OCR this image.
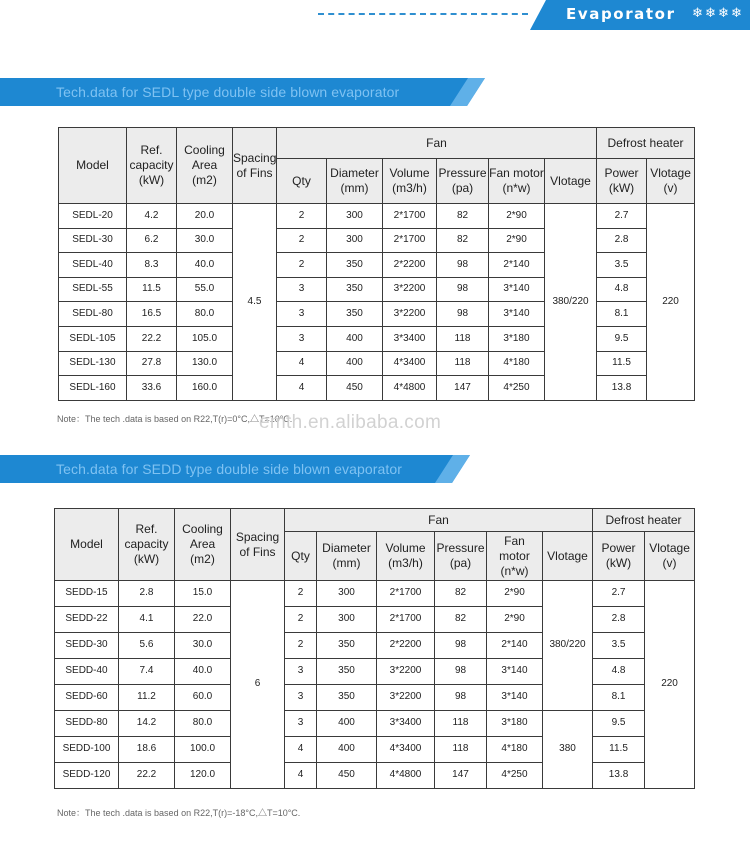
Evaporator ❄ ❄ ❄ ❄
Tech.data for SEDL type double side blown evaporator
Model	Ref.
capacity
(kW)	Cooling
Area
(m2)	Spacing
of Fins	Fan						Defrost heater	
				Qty	Diameter
(mm)	Volume
(m3/h)	Pressure
(pa)	Fan motor
(n*w)	Vlotage	Power
(kW)	Vlotage
(v)
SEDL-20	4.2	20.0	4.5	2	300	2*1700	82	2*90	380/220	2.7	220
SEDL-30	6.2	30.0		2	300	2*1700	82	2*90		2.8	
SEDL-40	8.3	40.0		2	350	2*2200	98	2*140		3.5	
SEDL-55	11.5	55.0		3	350	3*2200	98	3*140		4.8	
SEDL-80	16.5	80.0		3	350	3*2200	98	3*140		8.1	
SEDL-105	22.2	105.0		3	400	3*3400	118	3*180		9.5	
SEDL-130	27.8	130.0		4	400	4*3400	118	4*180		11.5	
SEDL-160	33.6	160.0		4	450	4*4800	147	4*250		13.8	
Note：The tech .data is based on R22,T(r)=0°C,△T=10°C.
emth.en.alibaba.com
Tech.data for SEDD type double side blown evaporator
Model	Ref.
capacity
(kW)	Cooling
Area
(m2)	Spacing
of Fins	Fan						Defrost heater	
				Qty	Diameter
(mm)	Volume
(m3/h)	Pressure
(pa)	Fan
motor
(n*w)	Vlotage	Power
(kW)	Vlotage
(v)
SEDD-15	2.8	15.0	6	2	300	2*1700	82	2*90	380/220	2.7	220
SEDD-22	4.1	22.0		2	300	2*1700	82	2*90		2.8	
SEDD-30	5.6	30.0		2	350	2*2200	98	2*140		3.5	
SEDD-40	7.4	40.0		3	350	3*2200	98	3*140		4.8	
SEDD-60	11.2	60.0		3	350	3*2200	98	3*140		8.1	
SEDD-80	14.2	80.0		3	400	3*3400	118	3*180	380	9.5	
SEDD-100	18.6	100.0		4	400	4*3400	118	4*180		11.5	
SEDD-120	22.2	120.0		4	450	4*4800	147	4*250		13.8	
Note：The tech .data is based on R22,T(r)=-18°C,△T=10°C.
